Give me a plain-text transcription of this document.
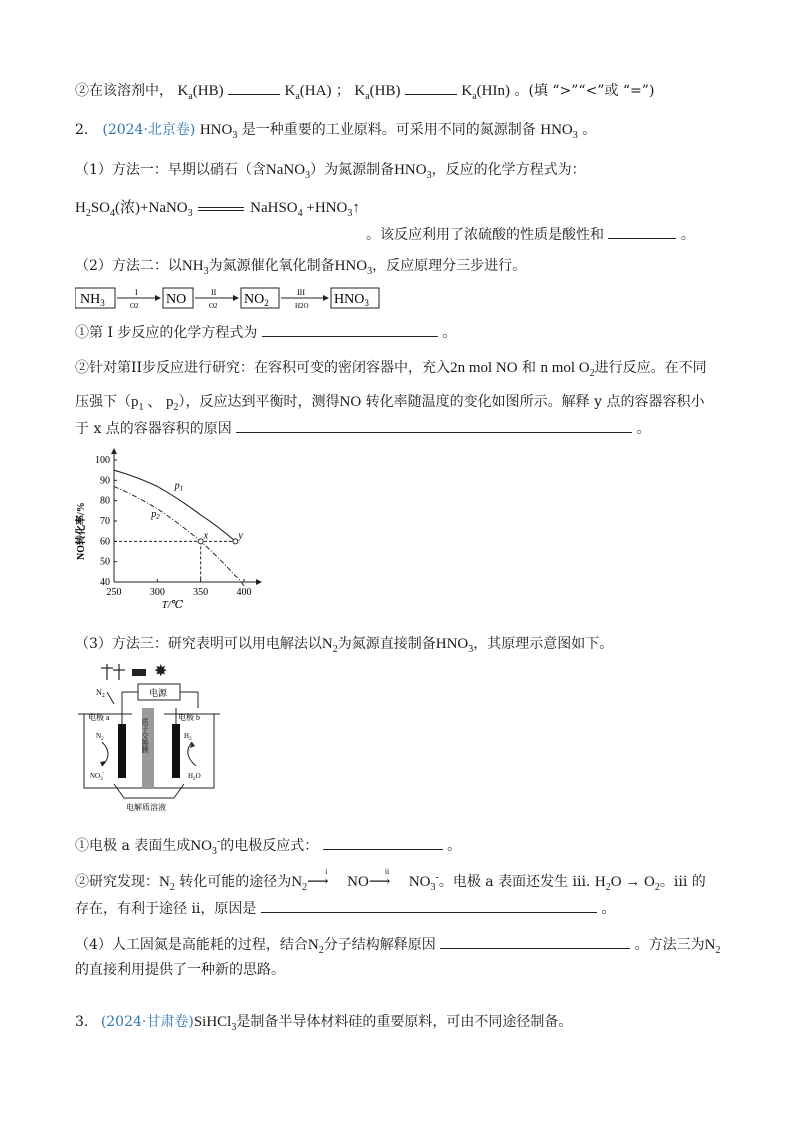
②在该溶剂中， $K_a(HB)$	$K_a(HA)$ ； $K_a(HB)$	$K_a(HIn)$ 。(填 “>”“<”或 “=”)
2． (2024·北京卷) $HNO_3$ 是一种重要的工业原料。可采用不同的氮源制备 $HNO_3$ 。
（1）方法一：早期以硝石（含NaNO$_3$）为氮源制备$HNO_3$，反应的化学方程式为：
$H_2SO_4$(浓)+NaNO$_3$	NaHSO$_4$ $+HNO_3↑$
。该反应利用了浓硫酸的性质是酸性和	。
（2）方法二：以$NH_3$为氮源催化氧化制备$HNO_3$，反应原理分三步进行。
$NH_3$
I
O2 NO	II
O2 $NO_2$
III
H2O $HNO_3$
①第 I 步反应的化学方程式为	。
②针对第II步反应进行研究：在容积可变的密闭容器中，充入2n mol NO 和 n mol $O_2$进行反应。在不同
压强下（$p_1$ 、 $p_2$），反应达到平衡时，测得NO 转化率随温度的变化如图所示。解释 y 点的容器容积小
于 x 点的容器容积的原因	。
100
90
80
70
60
50
40
250	300	350	400
x	y
$p_1$
$p_2$
NO转化率/%
T/℃
（3）方法三：研究表明可以用电解法以$N_2$为氮源直接制备$HNO_3$，其原理示意图如下。
✸
$N_2$	电源
电极 a	电极 b
质子交换膜
$N_2$
$NO_3^-$
$H_2$
$H_2O$
电解质溶液
①电极 a 表面生成$NO_3^-$的电极反应式：	。
②研究发现：$N_2$ 转化可能的途径为$N_2$
i
⟶ NO
ii
⟶ $NO_3^-$。电极 a 表面还发生 iii. $H_2O \to O_2$。iii 的
存在，有利于途径 ii，原因是	。
（4）人工固氮是高能耗的过程，结合$N_2$分子结构解释原因	。方法三为$N_2$
的直接利用提供了一种新的思路。
3. (2024·甘肃卷)SiHCl$_3$是制备半导体材料硅的重要原料，可由不同途径制备。
